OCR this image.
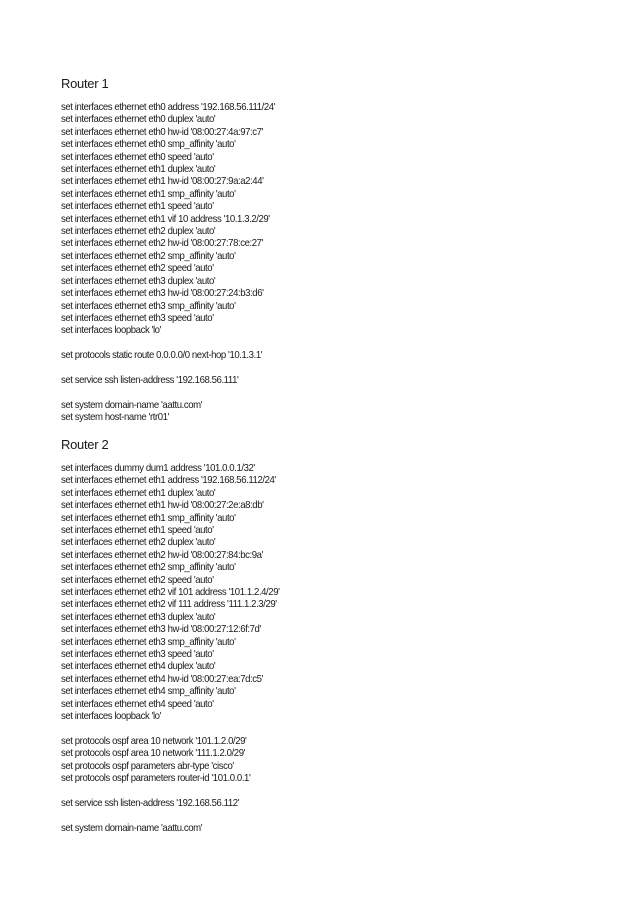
Router 1
set interfaces ethernet eth0 address '192.168.56.111/24'
set interfaces ethernet eth0 duplex 'auto'
set interfaces ethernet eth0 hw-id '08:00:27:4a:97:c7'
set interfaces ethernet eth0 smp_affinity 'auto'
set interfaces ethernet eth0 speed 'auto'
set interfaces ethernet eth1 duplex 'auto'
set interfaces ethernet eth1 hw-id '08:00:27:9a:a2:44'
set interfaces ethernet eth1 smp_affinity 'auto'
set interfaces ethernet eth1 speed 'auto'
set interfaces ethernet eth1 vif 10 address '10.1.3.2/29'
set interfaces ethernet eth2 duplex 'auto'
set interfaces ethernet eth2 hw-id '08:00:27:78:ce:27'
set interfaces ethernet eth2 smp_affinity 'auto'
set interfaces ethernet eth2 speed 'auto'
set interfaces ethernet eth3 duplex 'auto'
set interfaces ethernet eth3 hw-id '08:00:27:24:b3:d6'
set interfaces ethernet eth3 smp_affinity 'auto'
set interfaces ethernet eth3 speed 'auto'
set interfaces loopback 'lo'
set protocols static route 0.0.0.0/0 next-hop '10.1.3.1'
set service ssh listen-address '192.168.56.111'
set system domain-name 'aattu.com'
set system host-name 'rtr01'
Router 2
set interfaces dummy dum1 address '101.0.0.1/32'
set interfaces ethernet eth1 address '192.168.56.112/24'
set interfaces ethernet eth1 duplex 'auto'
set interfaces ethernet eth1 hw-id '08:00:27:2e:a8:db'
set interfaces ethernet eth1 smp_affinity 'auto'
set interfaces ethernet eth1 speed 'auto'
set interfaces ethernet eth2 duplex 'auto'
set interfaces ethernet eth2 hw-id '08:00:27:84:bc:9a'
set interfaces ethernet eth2 smp_affinity 'auto'
set interfaces ethernet eth2 speed 'auto'
set interfaces ethernet eth2 vif 101 address '101.1.2.4/29'
set interfaces ethernet eth2 vif 111 address '111.1.2.3/29'
set interfaces ethernet eth3 duplex 'auto'
set interfaces ethernet eth3 hw-id '08:00:27:12:6f:7d'
set interfaces ethernet eth3 smp_affinity 'auto'
set interfaces ethernet eth3 speed 'auto'
set interfaces ethernet eth4 duplex 'auto'
set interfaces ethernet eth4 hw-id '08:00:27:ea:7d:c5'
set interfaces ethernet eth4 smp_affinity 'auto'
set interfaces ethernet eth4 speed 'auto'
set interfaces loopback 'lo'
set protocols ospf area 10 network '101.1.2.0/29'
set protocols ospf area 10 network '111.1.2.0/29'
set protocols ospf parameters abr-type 'cisco'
set protocols ospf parameters router-id '101.0.0.1'
set service ssh listen-address '192.168.56.112'
set system domain-name 'aattu.com'
